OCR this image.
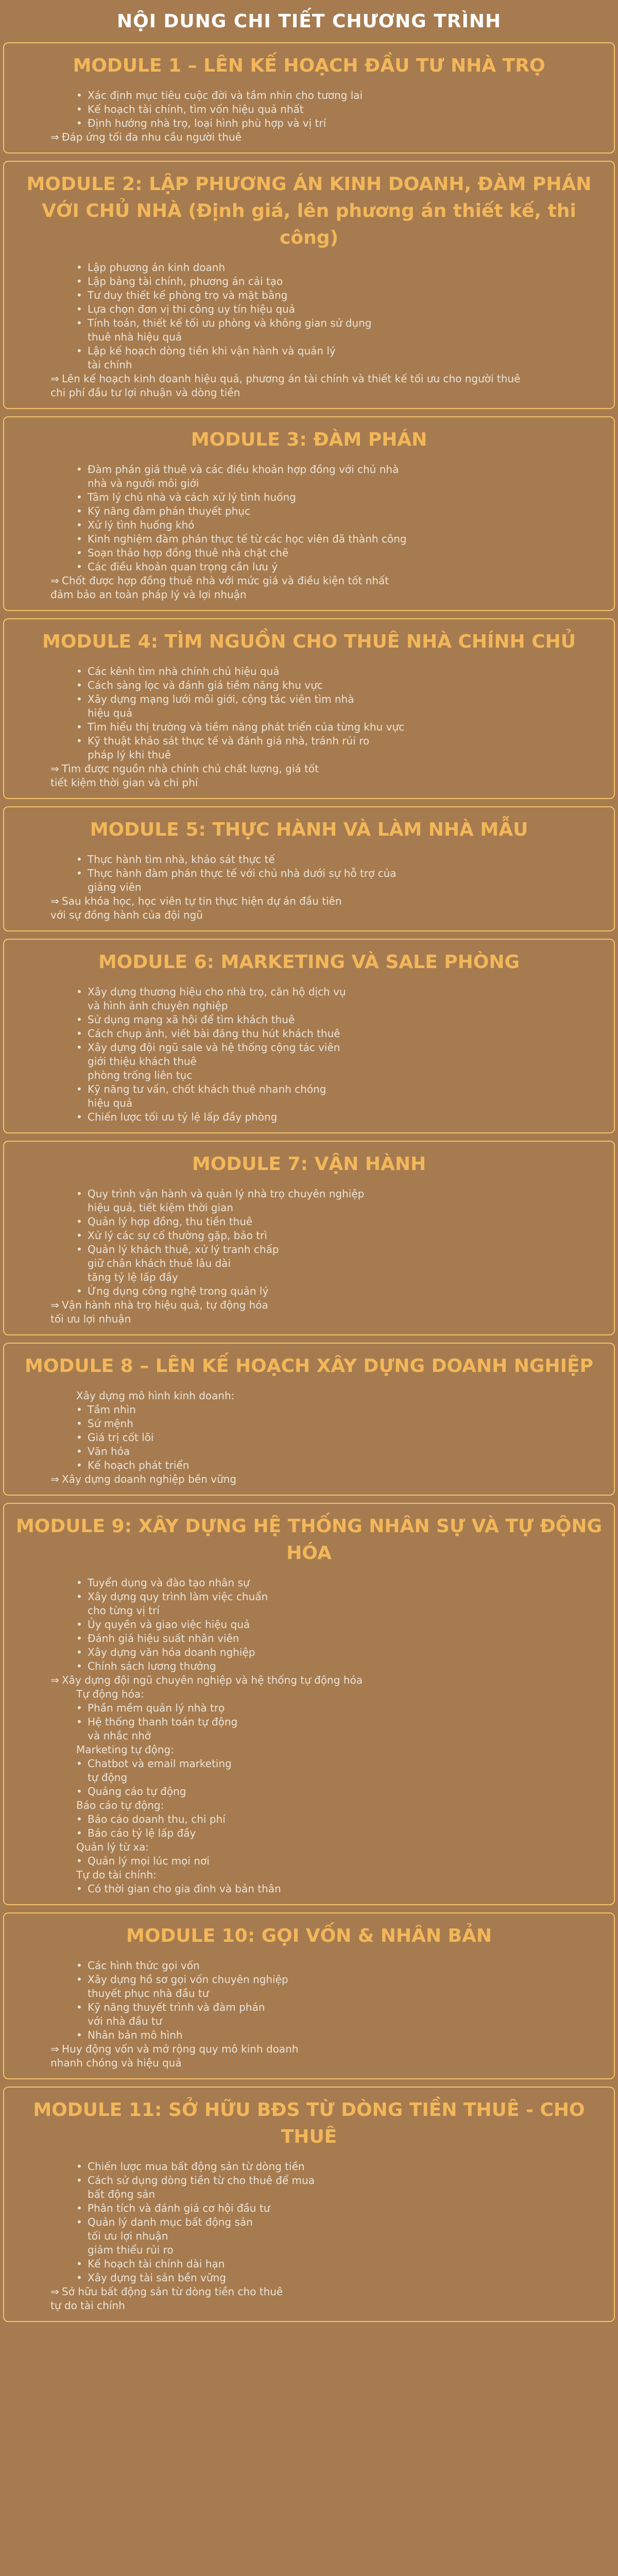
NỘI DUNG CHI TIẾT CHƯƠNG TRÌNH
MODULE 1 – LÊN KẾ HOẠCH ĐẦU TƯ NHÀ TRỌ
• Xác định mục tiêu cuộc đời và tầm nhìn cho tương lai
• Kế hoạch tài chính, tìm vốn hiệu quả nhất
• Định hướng nhà trọ, loại hình phù hợp và vị trí
⇒ Đáp ứng tối đa nhu cầu người thuê
MODULE 2: LẬP PHƯƠNG ÁN KINH DOANH, ĐÀM PHÁN VỚI CHỦ NHÀ (Định giá, lên phương án thiết kế, thi công)
• Lập phương án kinh doanh
• Lập bảng tài chính, phương án cải tạo
• Tư duy thiết kế phòng trọ và mặt bằng
• Lựa chọn đơn vị thi công uy tín hiệu quả
• Tính toán, thiết kế tối ưu phòng và không gian sử dụng
thuê nhà hiệu quả
• Lập kế hoạch dòng tiền khi vận hành và quản lý
tài chính
⇒ Lên kế hoạch kinh doanh hiệu quả, phương án tài chính và thiết kế tối ưu cho người thuê
chi phí đầu tư lợi nhuận và dòng tiền
MODULE 3: ĐÀM PHÁN
• Đàm phán giá thuê và các điều khoản hợp đồng với chủ nhà
nhà và người môi giới
• Tâm lý chủ nhà và cách xử lý tình huống
• Kỹ năng đàm phán thuyết phục
• Xử lý tình huống khó
• Kinh nghiệm đàm phán thực tế từ các học viên đã thành công
• Soạn thảo hợp đồng thuê nhà chặt chẽ
• Các điều khoản quan trọng cần lưu ý
⇒ Chốt được hợp đồng thuê nhà với mức giá và điều kiện tốt nhất
đảm bảo an toàn pháp lý và lợi nhuận
MODULE 4: TÌM NGUỒN CHO THUÊ NHÀ CHÍNH CHỦ
• Các kênh tìm nhà chính chủ hiệu quả
• Cách sàng lọc và đánh giá tiềm năng khu vực
• Xây dựng mạng lưới môi giới, cộng tác viên tìm nhà
hiệu quả
• Tìm hiểu thị trường và tiềm năng phát triển của từng khu vực
• Kỹ thuật khảo sát thực tế và đánh giá nhà, tránh rủi ro
pháp lý khi thuê
⇒ Tìm được nguồn nhà chính chủ chất lượng, giá tốt
tiết kiệm thời gian và chi phí
MODULE 5: THỰC HÀNH VÀ LÀM NHÀ MẪU
• Thực hành tìm nhà, khảo sát thực tế
• Thực hành đàm phán thực tế với chủ nhà dưới sự hỗ trợ của
giảng viên
⇒ Sau khóa học, học viên tự tin thực hiện dự án đầu tiên
với sự đồng hành của đội ngũ
MODULE 6: MARKETING VÀ SALE PHÒNG
• Xây dựng thương hiệu cho nhà trọ, căn hộ dịch vụ
và hình ảnh chuyên nghiệp
• Sử dụng mạng xã hội để tìm khách thuê
• Cách chụp ảnh, viết bài đăng thu hút khách thuê
• Xây dựng đội ngũ sale và hệ thống cộng tác viên
giới thiệu khách thuê
phòng trống liên tục
• Kỹ năng tư vấn, chốt khách thuê nhanh chóng
hiệu quả
• Chiến lược tối ưu tỷ lệ lấp đầy phòng
MODULE 7: VẬN HÀNH
• Quy trình vận hành và quản lý nhà trọ chuyên nghiệp
hiệu quả, tiết kiệm thời gian
• Quản lý hợp đồng, thu tiền thuê
• Xử lý các sự cố thường gặp, bảo trì
• Quản lý khách thuê, xử lý tranh chấp
giữ chân khách thuê lâu dài
tăng tỷ lệ lấp đầy
• Ứng dụng công nghệ trong quản lý
⇒ Vận hành nhà trọ hiệu quả, tự động hóa
tối ưu lợi nhuận
MODULE 8 – LÊN KẾ HOẠCH XÂY DỰNG DOANH NGHIỆP
Xây dựng mô hình kinh doanh:
• Tầm nhìn
• Sứ mệnh
• Giá trị cốt lõi
• Văn hóa
• Kế hoạch phát triển
⇒ Xây dựng doanh nghiệp bền vững
MODULE 9: XÂY DỰNG HỆ THỐNG NHÂN SỰ VÀ TỰ ĐỘNG HÓA
• Tuyển dụng và đào tạo nhân sự
• Xây dựng quy trình làm việc chuẩn
cho từng vị trí
• Ủy quyền và giao việc hiệu quả
• Đánh giá hiệu suất nhân viên
• Xây dựng văn hóa doanh nghiệp
• Chính sách lương thưởng
⇒ Xây dựng đội ngũ chuyên nghiệp và hệ thống tự động hóa
Tự động hóa:
• Phần mềm quản lý nhà trọ
• Hệ thống thanh toán tự động
và nhắc nhở
Marketing tự động:
• Chatbot và email marketing
tự động
• Quảng cáo tự động
Báo cáo tự động:
• Báo cáo doanh thu, chi phí
• Báo cáo tỷ lệ lấp đầy
Quản lý từ xa:
• Quản lý mọi lúc mọi nơi
Tự do tài chính:
• Có thời gian cho gia đình và bản thân
MODULE 10: GỌI VỐN & NHÂN BẢN
• Các hình thức gọi vốn
• Xây dựng hồ sơ gọi vốn chuyên nghiệp
thuyết phục nhà đầu tư
• Kỹ năng thuyết trình và đàm phán
với nhà đầu tư
• Nhân bản mô hình
⇒ Huy động vốn và mở rộng quy mô kinh doanh
nhanh chóng và hiệu quả
MODULE 11: SỞ HỮU BĐS TỪ DÒNG TIỀN THUÊ - CHO THUÊ
• Chiến lược mua bất động sản từ dòng tiền
• Cách sử dụng dòng tiền từ cho thuê để mua
bất động sản
• Phân tích và đánh giá cơ hội đầu tư
• Quản lý danh mục bất động sản
tối ưu lợi nhuận
giảm thiểu rủi ro
• Kế hoạch tài chính dài hạn
• Xây dựng tài sản bền vững
⇒ Sở hữu bất động sản từ dòng tiền cho thuê
tự do tài chính
